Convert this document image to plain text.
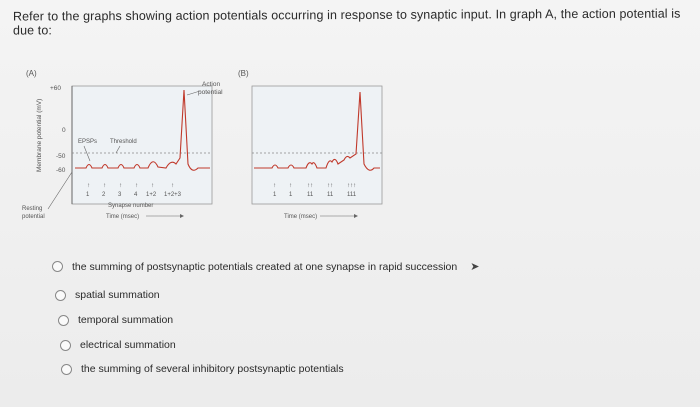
Refer to the graphs showing action potentials occurring in response to synaptic input. In graph A, the action potential is due to:
(A)
Membrane potential (mV)
+60
0
-50
-60
EPSPs Threshold
Resting
potential
↑ ↑ ↑ ↑ ↑	↑
1 2 3 4 1+2 1+2+3
Synapse number
Time (msec)
Action
potential
(B)
↑ ↑	↑↑ ↑↑ ↑↑↑
1 1 11 11 111
Time (msec)
the summing of postsynaptic potentials created at one synapse in rapid succession ➤
spatial summation
temporal summation
electrical summation
the summing of several inhibitory postsynaptic potentials
